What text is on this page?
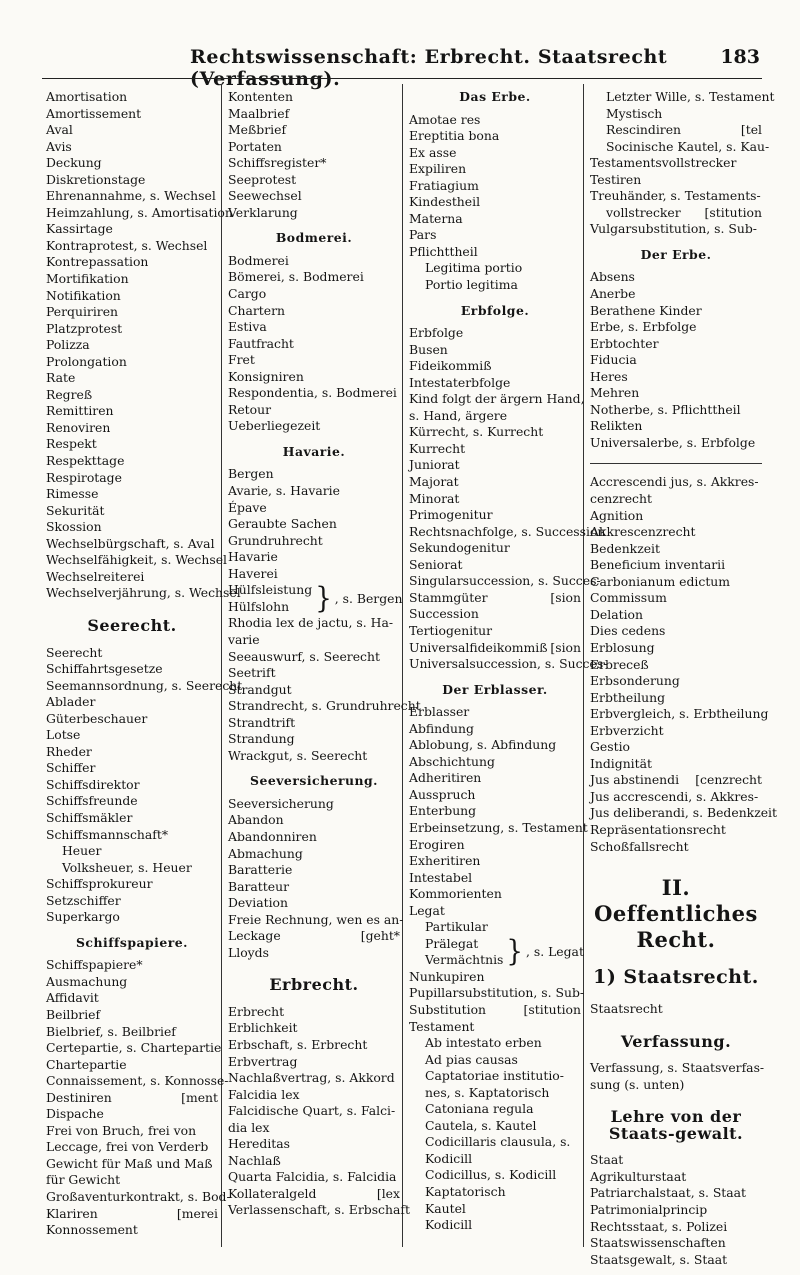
Rechtswissenschaft: Erbrecht. Staatsrecht (Verfassung).
183
Amortisation
Amortissement
Aval
Avis
Deckung
Diskretionstage
Ehrenannahme, s. Wechsel
Heimzahlung, s. Amortisation
Kassirtage
Kontraprotest, s. Wechsel
Kontrepassation
Mortifikation
Notifikation
Perquiriren
Platzprotest
Polizza
Prolongation
Rate
Regreß
Remittiren
Renoviren
Respekt
Respekttage
Respirotage
Rimesse
Sekurität
Skossion
Wechselbürgschaft, s. Aval
Wechselfähigkeit, s. Wechsel
Wechselreiterei
Wechselverjährung, s. Wechsel
Seerecht.
Seerecht
Schiffahrtsgesetze
Seemannsordnung, s. Seerecht
Ablader
Güterbeschauer
Lotse
Rheder
Schiffer
Schiffsdirektor
Schiffsfreunde
Schiffsmäkler
Schiffsmannschaft*
Heuer
Volksheuer, s. Heuer
Schiffsprokureur
Setzschiffer
Superkargo
Schiffspapiere.
Schiffspapiere*
Ausmachung
Affidavit
Beilbrief
Bielbrief, s. Beilbrief
Certepartie, s. Chartepartie
Chartepartie
Connaissement, s. Konnosse-
Destiniren	[ment
Dispache
Frei von Bruch, frei von
Leccage, frei von Verderb
Gewicht für Maß und Maß
für Gewicht
Großaventurkontrakt, s. Bod-
Klariren	[merei
Konnossement
Kontenten
Maalbrief
Meßbrief
Portaten
Schiffsregister*
Seeprotest
Seewechsel
Verklarung
Bodmerei.
Bodmerei
Bömerei, s. Bodmerei
Cargo
Chartern
Estiva
Fautfracht
Fret
Konsigniren
Respondentia, s. Bodmerei
Retour
Ueberliegezeit
Havarie.
Bergen
Avarie, s. Havarie
Épave
Geraubte Sachen
Grundruhrecht
Havarie
Haverei
Hülfsleistung
Hülfslohn	} , s. Bergen
Rhodia lex de jactu, s. Ha-
varie
Seeauswurf, s. Seerecht
Seetrift
Strandgut
Strandrecht, s. Grundruhrecht
Strandtrift
Strandung
Wrackgut, s. Seerecht
Seeversicherung.
Seeversicherung
Abandon
Abandonniren
Abmachung
Baratterie
Baratteur
Deviation
Freie Rechnung, wen es an-
Leckage	[geht*
Lloyds
Erbrecht.
Erbrecht
Erblichkeit
Erbschaft, s. Erbrecht
Erbvertrag
Nachlaßvertrag, s. Akkord
Falcidia lex
Falcidische Quart, s. Falci-
dia lex
Hereditas
Nachlaß
Quarta Falcidia, s. Falcidia
Kollateralgeld	[lex
Verlassenschaft, s. Erbschaft
Das Erbe.
Amotae res
Ereptitia bona
Ex asse
Expiliren
Fratiagium
Kindestheil
Materna
Pars
Pflichttheil
Legitima portio
Portio legitima
Erbfolge.
Erbfolge
Busen
Fideikommiß
Intestaterbfolge
Kind folgt der ärgern Hand,
s. Hand, ärgere
Kürrecht, s. Kurrecht
Kurrecht
Juniorat
Majorat
Minorat
Primogenitur
Rechtsnachfolge, s. Succession
Sekundogenitur
Seniorat
Singularsuccession, s. Succes-
Stammgüter	[sion
Succession
Tertiogenitur
Universalfideikommiß [sion
Universalsuccession, s. Succes-
Der Erblasser.
Erblasser
Abfindung
Ablobung, s. Abfindung
Abschichtung
Adheritiren
Ausspruch
Enterbung
Erbeinsetzung, s. Testament
Erogiren
Exheritiren
Intestabel
Kommorienten
Legat
Partikular
Prälegat
Vermächtnis } , s. Legat
Nunkupiren
Pupillarsubstitution, s. Sub-
Substitution	[stitution
Testament
Ab intestato erben
Ad pias causas
Captatoriae institutio-
nes, s. Kaptatorisch
Catoniana regula
Cautela, s. Kautel
Codicillaris clausula, s.
Kodicill
Codicillus, s. Kodicill
Kaptatorisch
Kautel
Kodicill
Letzter Wille, s. Testament
Mystisch
Rescindiren	[tel
Socinische Kautel, s. Kau-
Testamentsvollstrecker
Testiren
Treuhänder, s. Testaments-
vollstrecker [stitution
Vulgarsubstitution, s. Sub-
Der Erbe.
Absens
Anerbe
Berathene Kinder
Erbe, s. Erbfolge
Erbtochter
Fiducia
Heres
Mehren
Notherbe, s. Pflichttheil
Relikten
Universalerbe, s. Erbfolge
Accrescendi jus, s. Akkres-
cenzrecht
Agnition
Akkrescenzrecht
Bedenkzeit
Beneficium inventarii
Carbonianum edictum
Commissum
Delation
Dies cedens
Erblosung
Erbreceß
Erbsonderung
Erbtheilung
Erbvergleich, s. Erbtheilung
Erbverzicht
Gestio
Indignität
Jus abstinendi [cenzrecht
Jus accrescendi, s. Akkres-
Jus deliberandi, s. Bedenkzeit
Repräsentationsrecht
Schoßfallsrecht
II. Oeffentliches Recht.
1) Staatsrecht.
Staatsrecht
Verfassung.
Verfassung, s. Staatsverfas-
sung (s. unten)
Lehre von der Staats-gewalt.
Staat
Agrikulturstaat
Patriarchalstaat, s. Staat
Patrimonialprincip
Rechtsstaat, s. Polizei
Staatswissenschaften
Staatsgewalt, s. Staat
